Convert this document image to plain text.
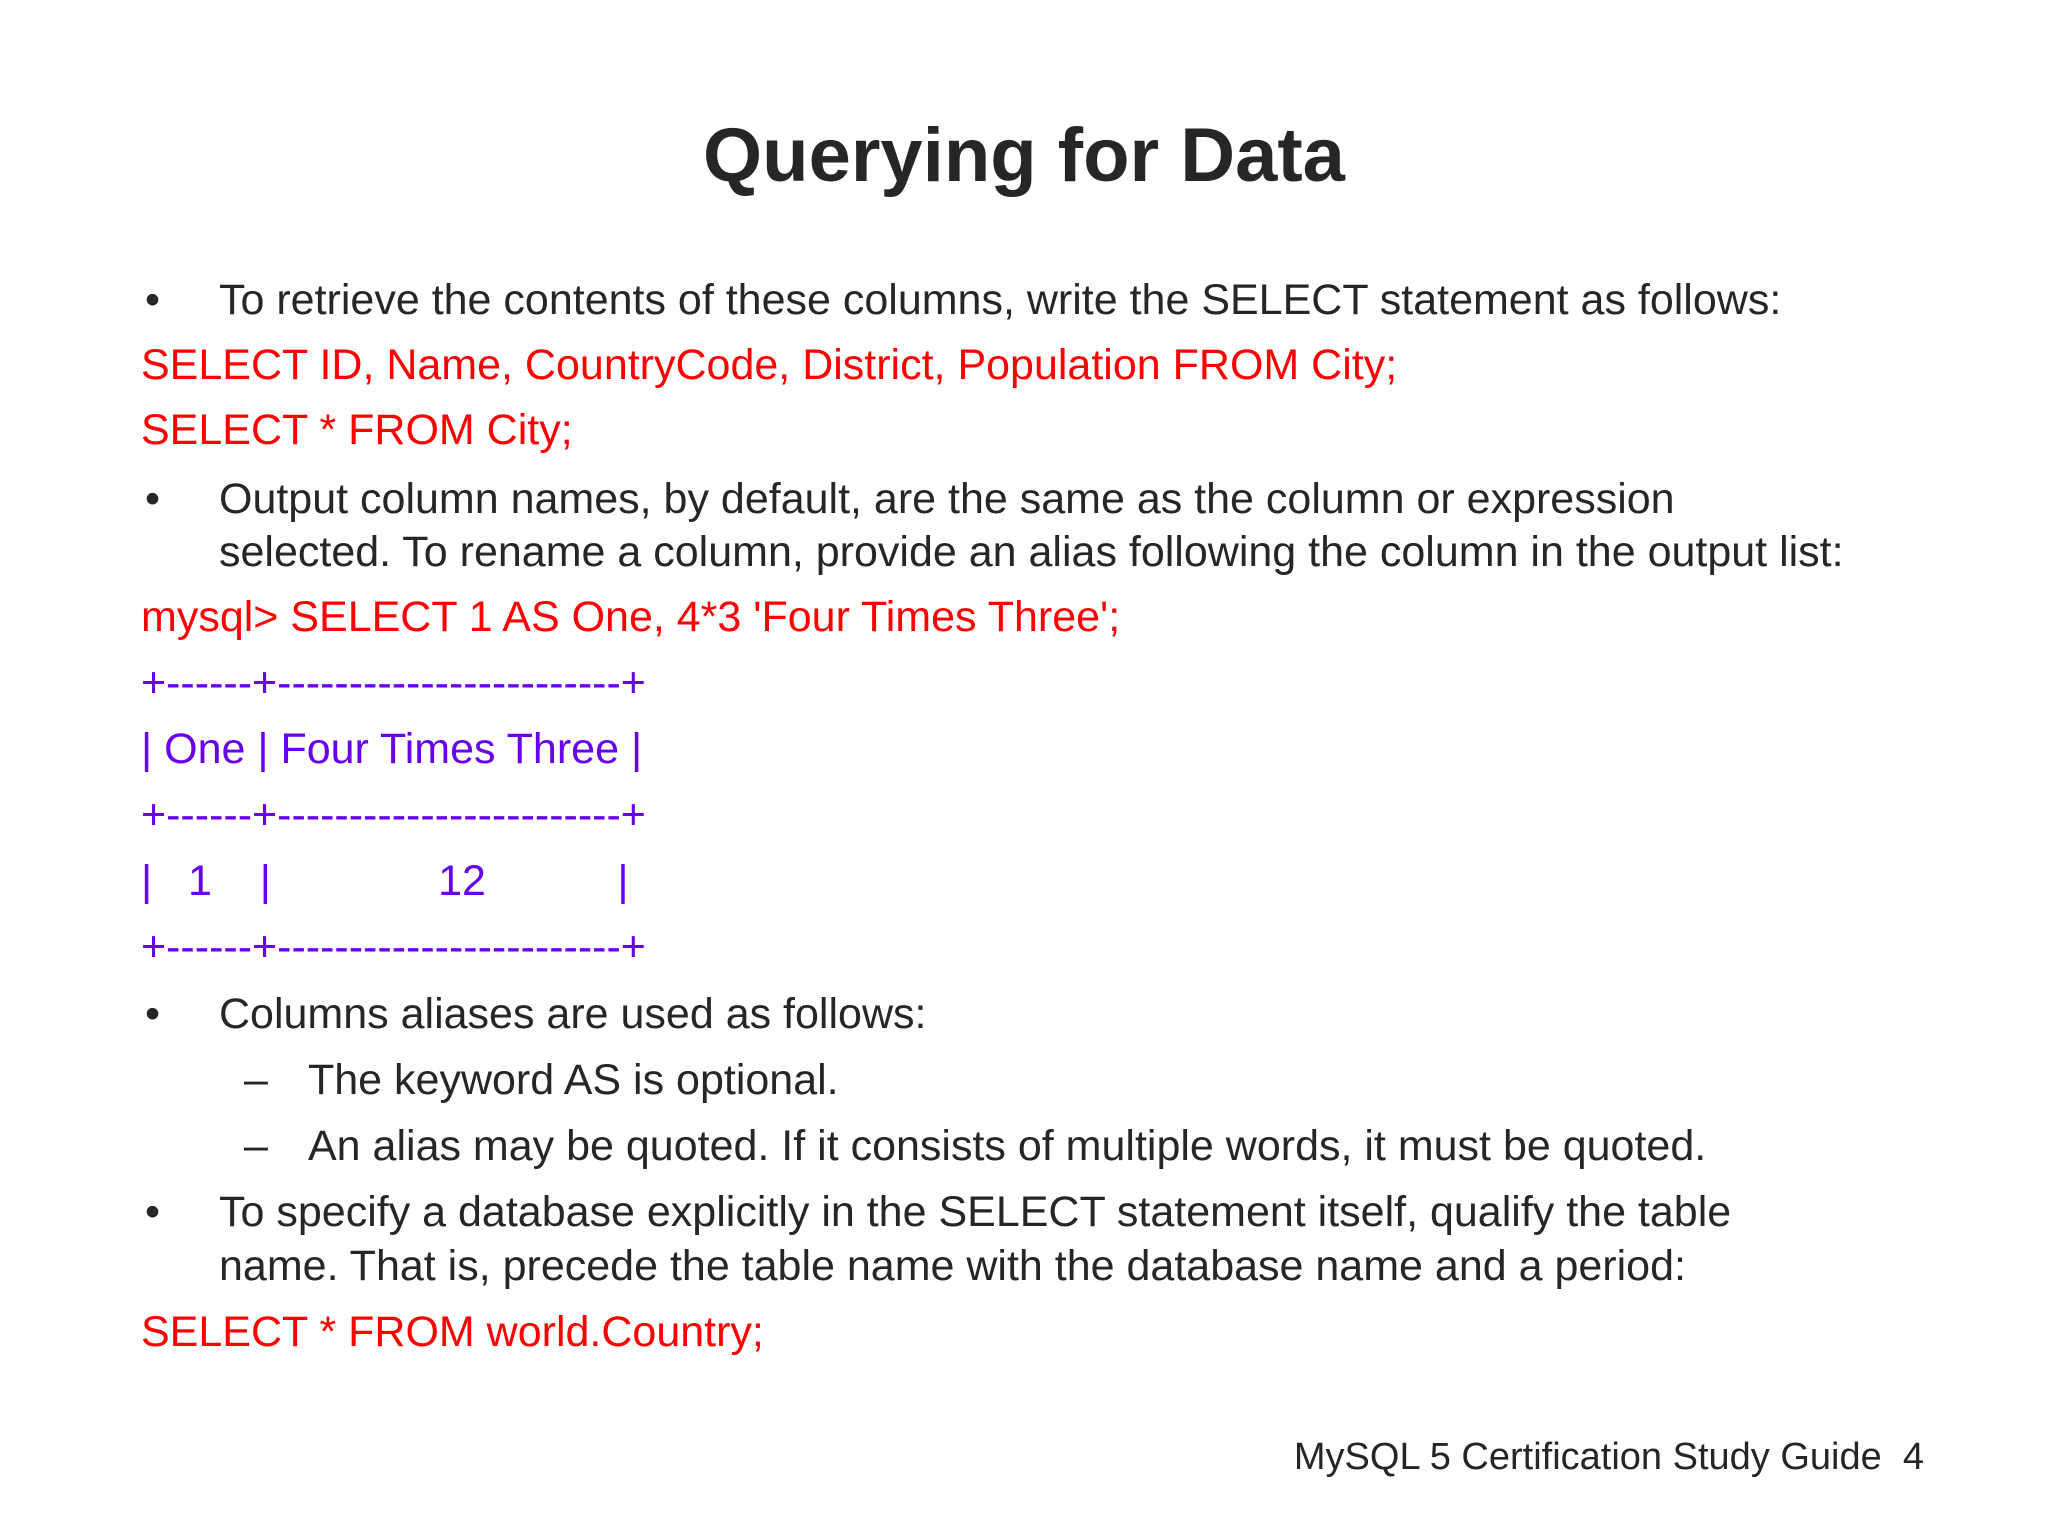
Querying for Data
• To retrieve the contents of these columns, write the SELECT statement as follows:
SELECT ID, Name, CountryCode, District, Population FROM City;
SELECT * FROM City;
• Output column names, by default, are the same as the column or expression
selected. To rename a column, provide an alias following the column in the output list:
mysql> SELECT 1 AS One, 4*3 'Four Times Three';
+------+------------------------+
| One | Four Times Three |
+------+------------------------+
|   1    |              12           |
+------+------------------------+
• Columns aliases are used as follows:
– The keyword AS is optional.
– An alias may be quoted. If it consists of multiple words, it must be quoted.
• To specify a database explicitly in the SELECT statement itself, qualify the table
name. That is, precede the table name with the database name and a period:
SELECT * FROM world.Country;
MySQL 5 Certification Study Guide  4
